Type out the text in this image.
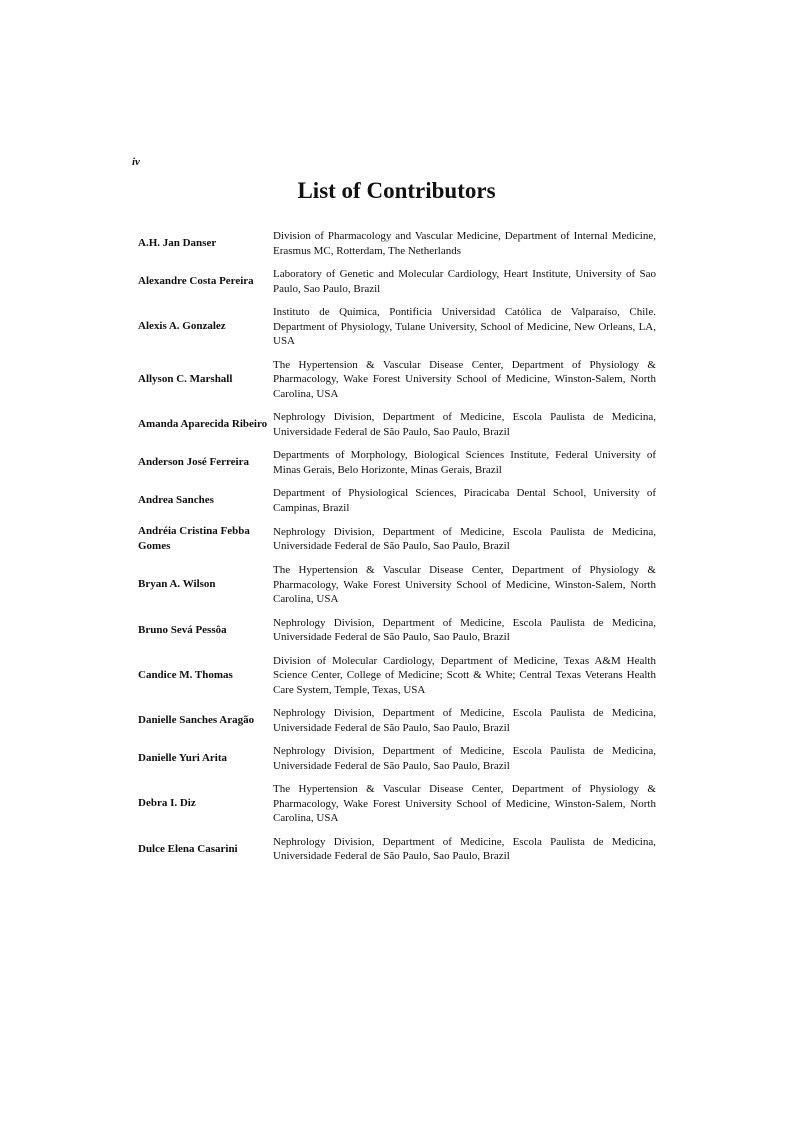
iv
List of Contributors
A.H. Jan Danser
Division of Pharmacology and Vascular Medicine, Department of Internal Medicine, Erasmus MC, Rotterdam, The Netherlands
Alexandre Costa Pereira
Laboratory of Genetic and Molecular Cardiology, Heart Institute, University of Sao Paulo, Sao Paulo, Brazil
Alexis A. Gonzalez
Instituto de Química, Pontificia Universidad Católica de Valparaíso, Chile. Department of Physiology, Tulane University, School of Medicine, New Orleans, LA, USA
Allyson C. Marshall
The Hypertension & Vascular Disease Center, Department of Physiology & Pharmacology, Wake Forest University School of Medicine, Winston-Salem, North Carolina, USA
Amanda Aparecida Ribeiro
Nephrology Division, Department of Medicine, Escola Paulista de Medicina, Universidade Federal de São Paulo, Sao Paulo, Brazil
Anderson José Ferreira
Departments of Morphology, Biological Sciences Institute, Federal University of Minas Gerais, Belo Horizonte, Minas Gerais, Brazil
Andrea Sanches
Department of Physiological Sciences, Piracicaba Dental School, University of Campinas, Brazil
Andréia Cristina Febba Gomes
Nephrology Division, Department of Medicine, Escola Paulista de Medicina, Universidade Federal de São Paulo, Sao Paulo, Brazil
Bryan A. Wilson
The Hypertension & Vascular Disease Center, Department of Physiology & Pharmacology, Wake Forest University School of Medicine, Winston-Salem, North Carolina, USA
Bruno Sevá Pessôa
Nephrology Division, Department of Medicine, Escola Paulista de Medicina, Universidade Federal de São Paulo, Sao Paulo, Brazil
Candice M. Thomas
Division of Molecular Cardiology, Department of Medicine, Texas A&M Health Science Center, College of Medicine; Scott & White; Central Texas Veterans Health Care System, Temple, Texas, USA
Danielle Sanches Aragão
Nephrology Division, Department of Medicine, Escola Paulista de Medicina, Universidade Federal de São Paulo, Sao Paulo, Brazil
Danielle Yuri Arita
Nephrology Division, Department of Medicine, Escola Paulista de Medicina, Universidade Federal de São Paulo, Sao Paulo, Brazil
Debra I. Diz
The Hypertension & Vascular Disease Center, Department of Physiology & Pharmacology, Wake Forest University School of Medicine, Winston-Salem, North Carolina, USA
Dulce Elena Casarini
Nephrology Division, Department of Medicine, Escola Paulista de Medicina, Universidade Federal de São Paulo, Sao Paulo, Brazil
